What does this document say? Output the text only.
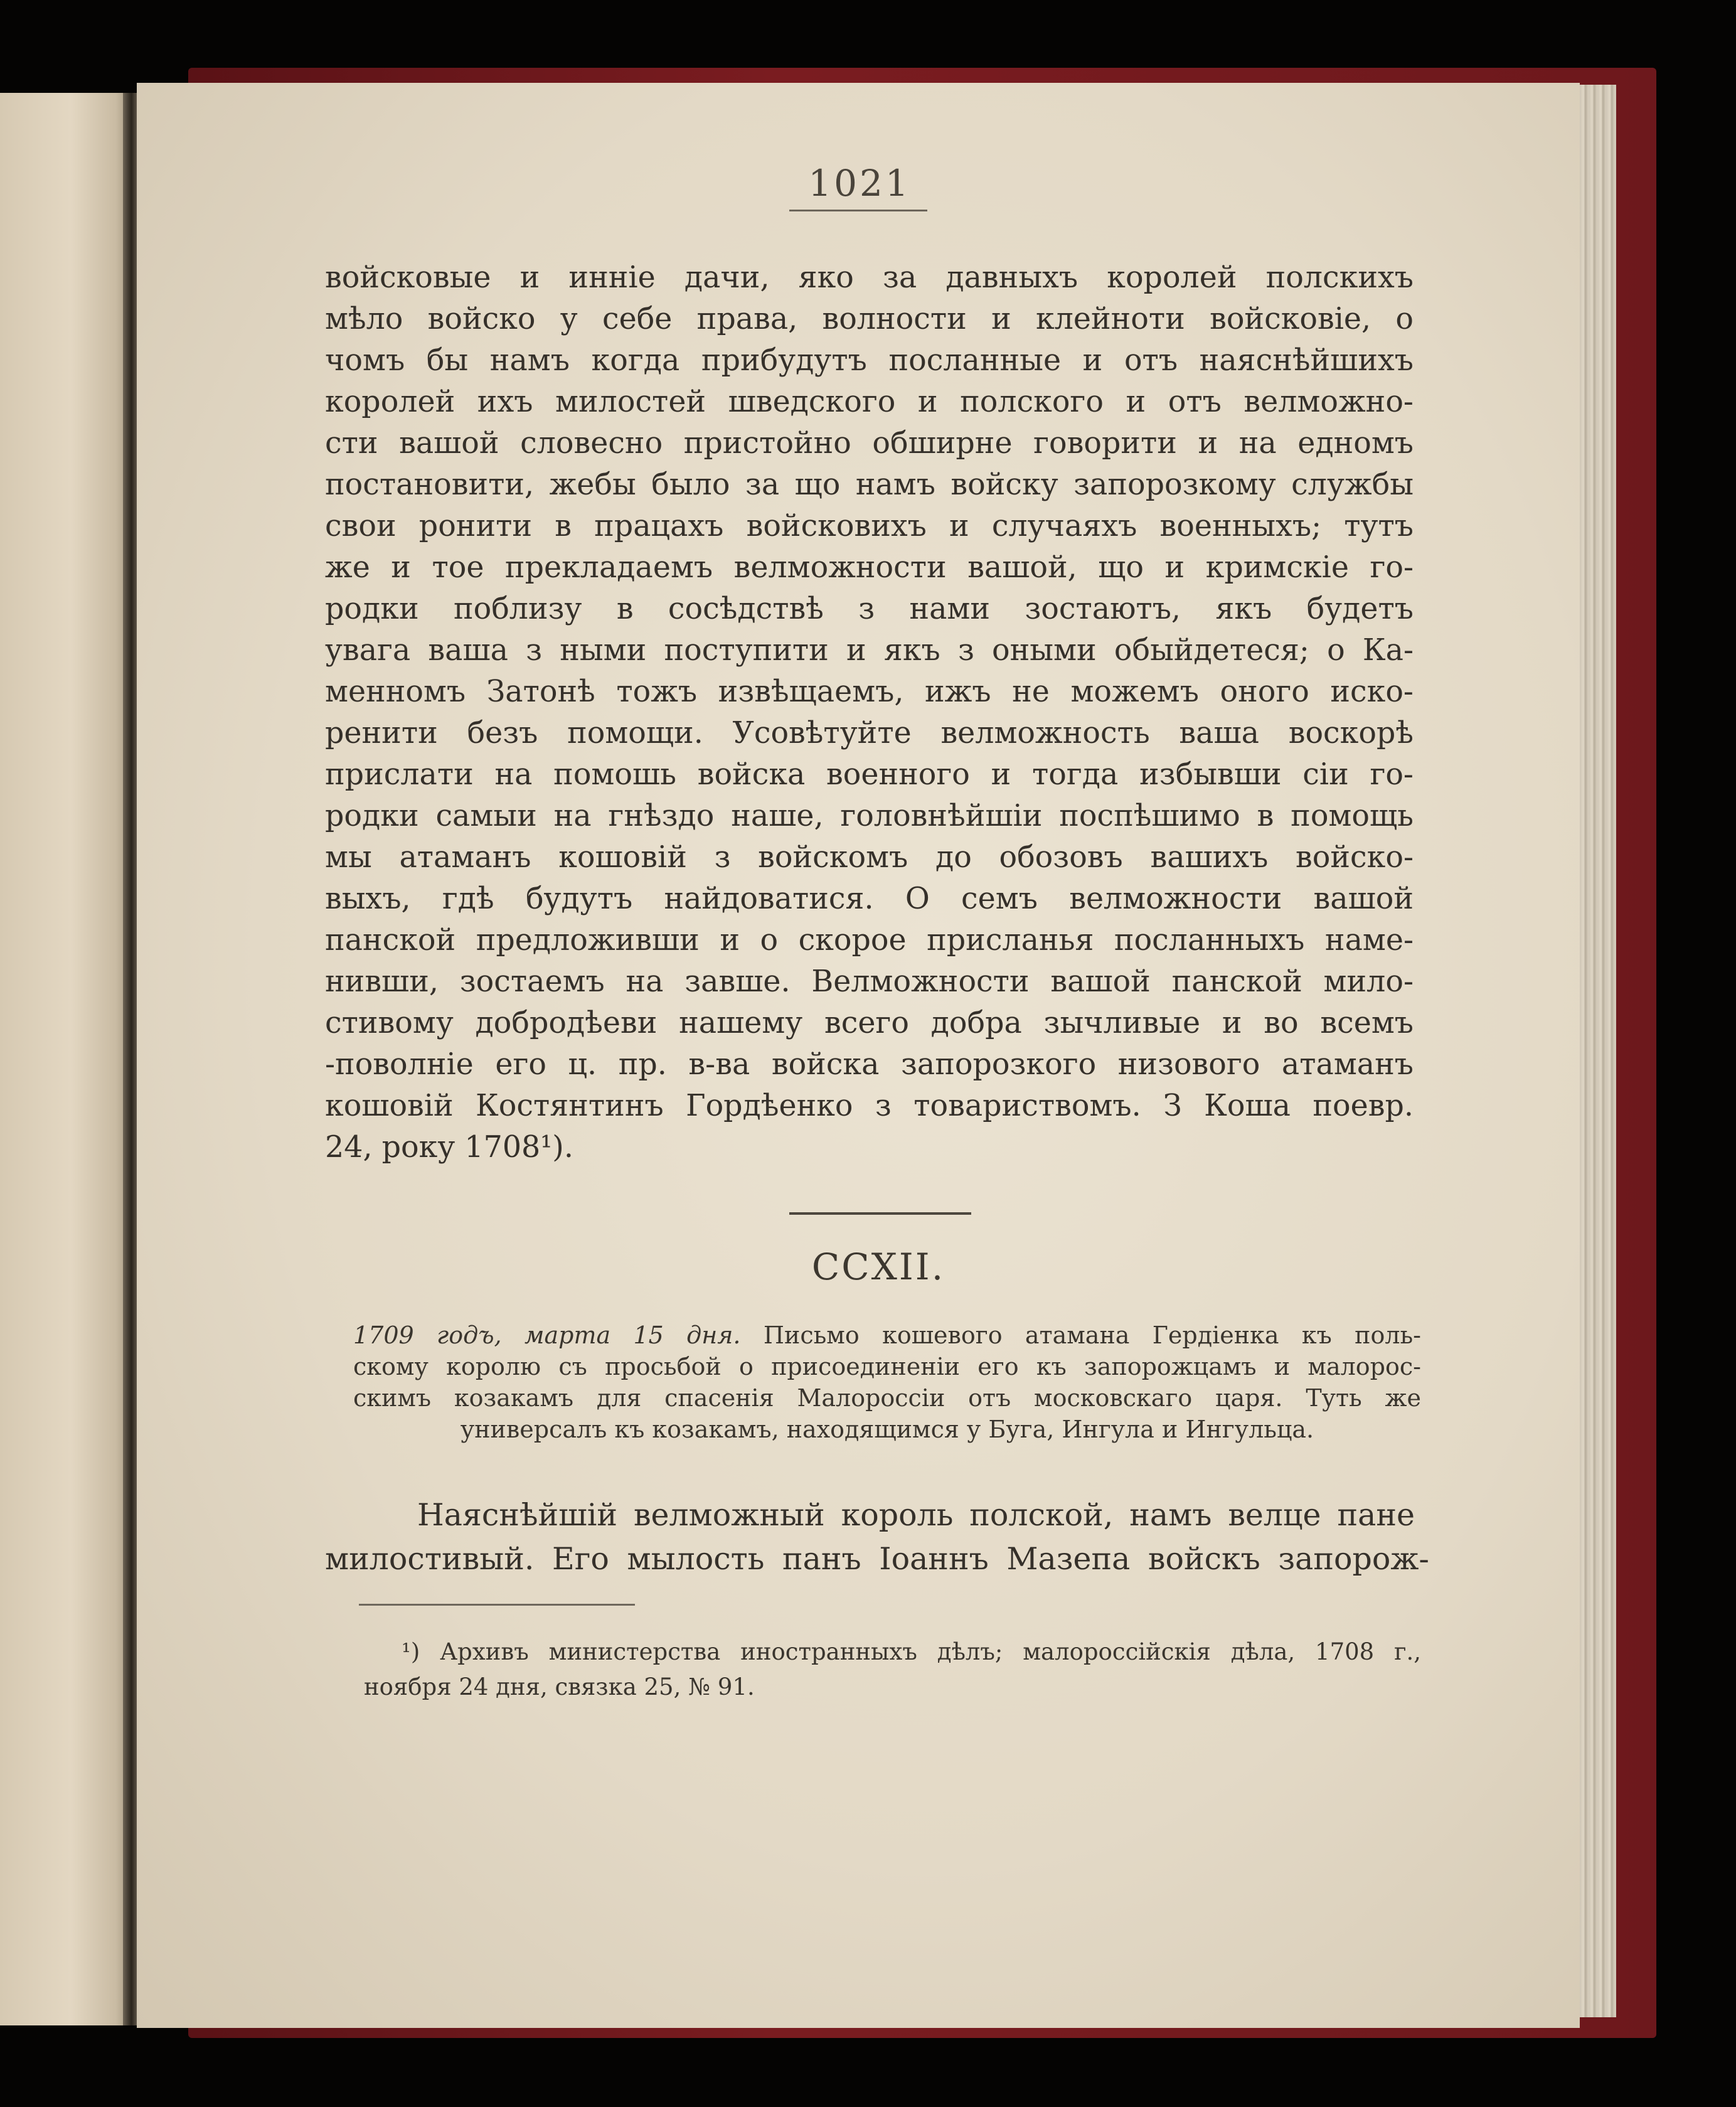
1021
войсковые и инніе дачи, яко за давныхъ королей полскихъ
мѣло войско у себе права, волности и клейноти войсковіе, о
чомъ бы намъ когда прибудутъ посланные и отъ наяснѣйшихъ
королей ихъ милостей шведского и полского и отъ велможно-
сти вашой словесно пристойно обширне говорити и на едномъ
постановити, жебы было за що намъ войску запорозкому службы
свои ронити в працахъ войсковихъ и случаяхъ военныхъ; тутъ
же и тое прекладаемъ велможности вашой, що и кримскіе го-
родки поблизу в сосѣдствѣ з нами зостаютъ, якъ будетъ
увага ваша з ными поступити и якъ з оными обыйдетеся; о Ка-
менномъ Затонѣ тожъ извѣщаемъ, ижъ не можемъ оного искo-
ренити безъ помощи. Усовѣтуйте велможность ваша воскорѣ
прислати на помошь войска военного и тогда избывши сіи го-
родки самыи на гнѣздо наше, головнѣйшіи поспѣшимо в помощь
мы атаманъ кошовій з войскомъ до обозовъ вашихъ войско-
выхъ, гдѣ будутъ найдоватися. О семъ велможности вашой
панской предложивши и о скорое присланья посланныхъ наме-
нивши, зостаемъ на завше. Велможности вашой панской мило-
стивому добродѣеви нашему всего добра зычливые и во всемъ
-поволніе его ц. пр. в-ва войска запорозкого низового атаманъ
кошовій Костянтинъ Гордѣенко з товариствомъ. З Коша поевр.
24, року 1708¹).
CCXII.
1709 годъ, марта 15 дня. Письмо кошевого атамана Гердіенка къ поль-
скому королю съ просьбой о присоединеніи его къ запорожцамъ и малорос-
скимъ козакамъ для спасенія Малороссіи отъ московскаго царя. Туть же
универсалъ къ козакамъ, находящимся у Буга, Ингула и Ингульца.
Наяснѣйшій велможный король полской, намъ велце пане
милостивый. Его мылость панъ Іоаннъ Мазепа войскъ запорож-
¹) Архивъ министерства иностранныхъ дѣлъ; малороссійскія дѣла, 1708 г.,
ноября 24 дня, связка 25, № 91.
